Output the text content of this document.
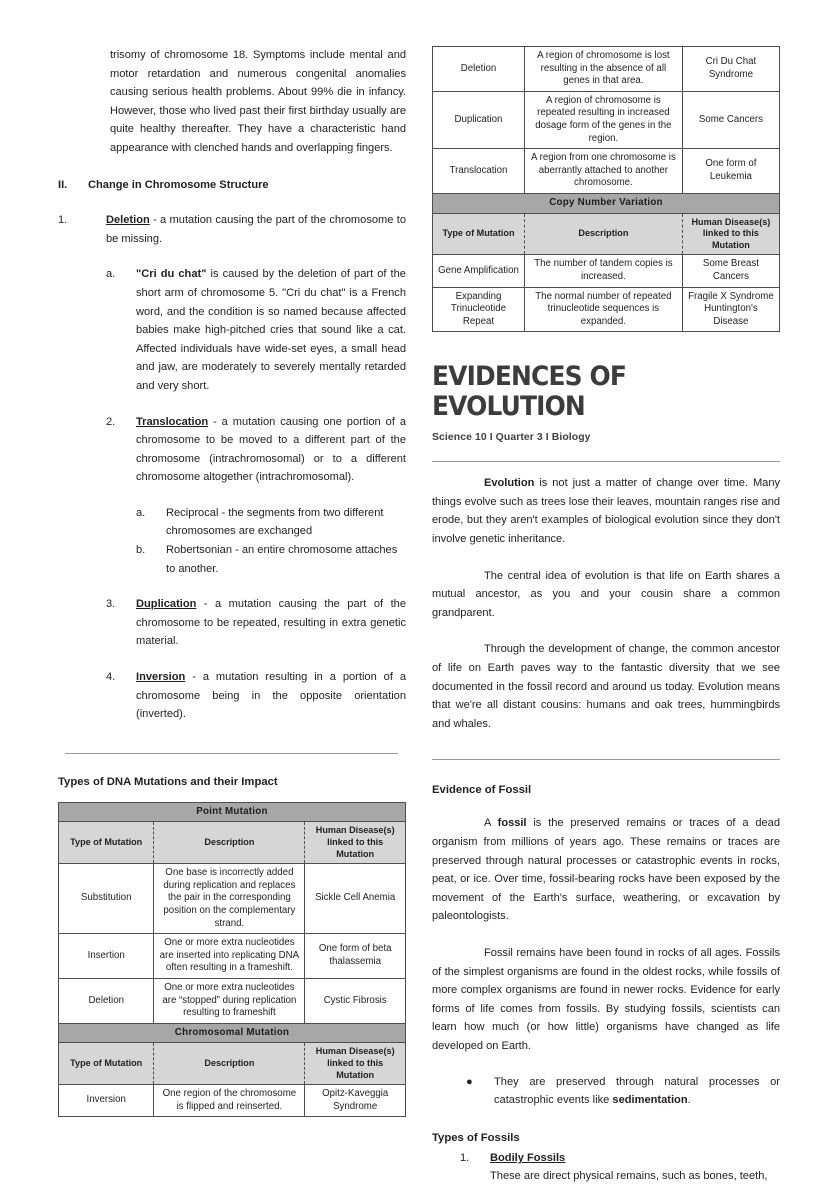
trisomy of chromosome 18. Symptoms include mental and motor retardation and numerous congenital anomalies causing serious health problems. About 99% die in infancy. However, those who lived past their first birthday usually are quite healthy thereafter. They have a characteristic hand appearance with clenched hands and overlapping fingers.

II.	Change in Chromosome Structure
1.	Deletion - a mutation causing the part of the chromosome to be missing.
a.	"Cri du chat" is caused by the deletion of part of the short arm of chromosome 5. "Cri du chat" is a French word, and the condition is so named because affected babies make high-pitched cries that sound like a cat. Affected individuals have wide-set eyes, a small head and jaw, are moderately to severely mentally retarded and very short.
2.	Translocation - a mutation causing one portion of a chromosome to be moved to a different part of the chromosome (intrachromosomal) or to a different chromosome altogether (intrachromosomal).
a.	Reciprocal - the segments from two different chromosomes are exchanged
b.	Robertsonian - an entire chromosome attaches to another.
3.	Duplication - a mutation causing the part of the chromosome to be repeated, resulting in extra genetic material.
4.	Inversion - a mutation resulting in a portion of a chromosome being in the opposite orientation (inverted).
Types of DNA Mutations and their Impact
Point Mutation		
Type of Mutation	Description	Human Disease(s)
linked to this Mutation
Substitution	One base is incorrectly added during replication and replaces the pair in the corresponding position on the complementary strand.	Sickle Cell Anemia
Insertion	One or more extra nucleotides are inserted into replicating DNA often resulting in a frameshift.	One form of beta thalassemia
Deletion	One or more extra nucleotides are “stopped” during replication resulting to frameshift	Cystic Fibrosis
Chromosomal Mutation		
Type of Mutation	Description	Human Disease(s)
linked to this Mutation
Inversion	One region of the chromosome is flipped and reinserted.	Opitz-Kaveggia Syndrome
Deletion	A region of chromosome is lost resulting in the absence of all genes in that area.	Cri Du Chat Syndrome
Duplication	A region of chromosome is repeated resulting in increased dosage form of the genes in the region.	Some Cancers
Translocation	A region from one chromosome is aberrantly attached to another chromosome.	One form of Leukemia
Copy Number Variation		
Type of Mutation	Description	Human Disease(s)
linked to this Mutation
Gene Amplification	The number of tandem copies is increased.	Some Breast Cancers
Expanding Trinucleotide Repeat	The normal number of repeated trinucleotide sequences is expanded.	Fragile X Syndrome Huntington's Disease
EVIDENCES OF EVOLUTION
Science 10 I Quarter 3 I Biology

Evolution is not just a matter of change over time. Many things evolve such as trees lose their leaves, mountain ranges rise and erode, but they aren't examples of biological evolution since they don't involve genetic inheritance.

The central idea of evolution is that life on Earth shares a mutual ancestor, as you and your cousin share a common grandparent.

Through the development of change, the common ancestor of life on Earth paves way to the fantastic diversity that we see documented in the fossil record and around us today. Evolution means that we're all distant cousins: humans and oak trees, hummingbirds and whales.

Evidence of Fossil

A fossil is the preserved remains or traces of a dead organism from millions of years ago. These remains or traces are preserved through natural processes or catastrophic events in rocks, peat, or ice. Over time, fossil-bearing rocks have been exposed by the movement of the Earth's surface, weathering, or excavation by paleontologists.

Fossil remains have been found in rocks of all ages. Fossils of the simplest organisms are found in the oldest rocks, while fossils of more complex organisms are found in newer rocks. Evidence for early forms of life comes from fossils. By studying fossils, scientists can learn how much (or how little) organisms have changed as life developed on Earth.

●	They are preserved through natural processes or catastrophic events like sedimentation.
Types of Fossils
1.	Bodily Fossils
These are direct physical remains, such as bones, teeth,
